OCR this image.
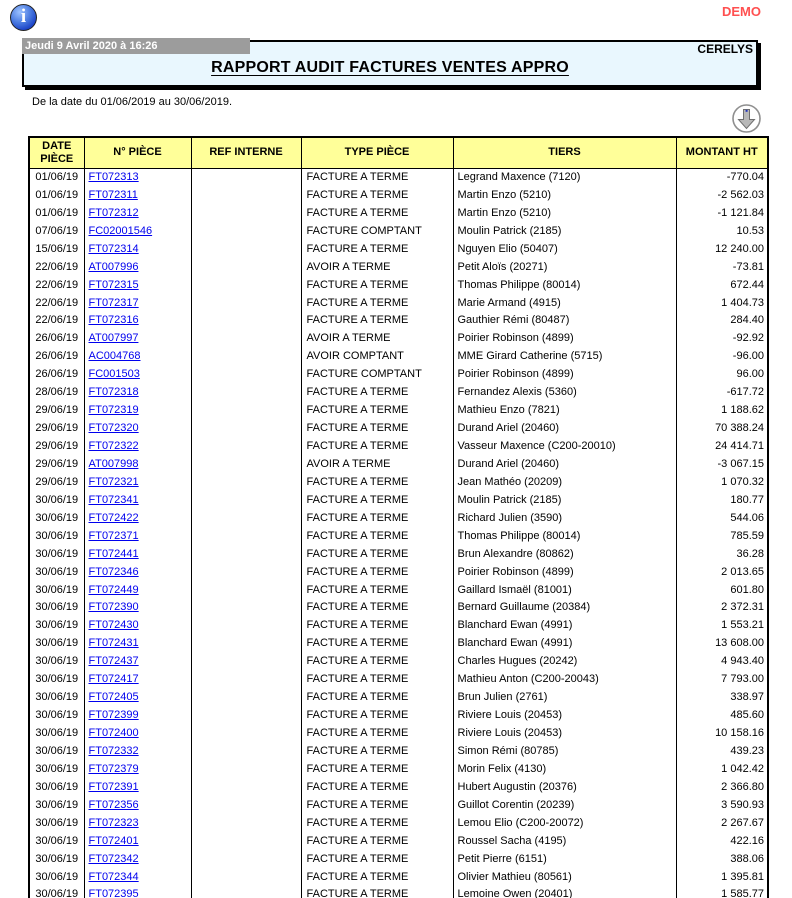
i	DEMO
Jeudi 9 Avril 2020 à 16:26	CERELYS
RAPPORT AUDIT FACTURES VENTES APPRO
De la date du 01/06/2019 au 30/06/2019.
DATE PIÈCE	N° PIÈCE	REF INTERNE	TYPE PIÈCE	TIERS	MONTANT HT
01/06/19	FT072313		FACTURE A TERME	Legrand Maxence (7120)	-770.04
01/06/19	FT072311		FACTURE A TERME	Martin Enzo (5210)	-2 562.03
01/06/19	FT072312		FACTURE A TERME	Martin Enzo (5210)	-1 121.84
07/06/19	FC02001546		FACTURE COMPTANT	Moulin Patrick (2185)	10.53
15/06/19	FT072314		FACTURE A TERME	Nguyen Elio (50407)	12 240.00
22/06/19	AT007996		AVOIR A TERME	Petit Aloïs (20271)	-73.81
22/06/19	FT072315		FACTURE A TERME	Thomas Philippe (80014)	672.44
22/06/19	FT072317		FACTURE A TERME	Marie Armand (4915)	1 404.73
22/06/19	FT072316		FACTURE A TERME	Gauthier Rémi (80487)	284.40
26/06/19	AT007997		AVOIR A TERME	Poirier Robinson (4899)	-92.92
26/06/19	AC004768		AVOIR COMPTANT	MME Girard Catherine (5715)	-96.00
26/06/19	FC001503		FACTURE COMPTANT	Poirier Robinson (4899)	96.00
28/06/19	FT072318		FACTURE A TERME	Fernandez Alexis (5360)	-617.72
29/06/19	FT072319		FACTURE A TERME	Mathieu Enzo (7821)	1 188.62
29/06/19	FT072320		FACTURE A TERME	Durand Ariel (20460)	70 388.24
29/06/19	FT072322		FACTURE A TERME	Vasseur Maxence (C200-20010)	24 414.71
29/06/19	AT007998		AVOIR A TERME	Durand Ariel (20460)	-3 067.15
29/06/19	FT072321		FACTURE A TERME	Jean Mathéo (20209)	1 070.32
30/06/19	FT072341		FACTURE A TERME	Moulin Patrick (2185)	180.77
30/06/19	FT072422		FACTURE A TERME	Richard Julien (3590)	544.06
30/06/19	FT072371		FACTURE A TERME	Thomas Philippe (80014)	785.59
30/06/19	FT072441		FACTURE A TERME	Brun Alexandre (80862)	36.28
30/06/19	FT072346		FACTURE A TERME	Poirier Robinson (4899)	2 013.65
30/06/19	FT072449		FACTURE A TERME	Gaillard Ismaël (81001)	601.80
30/06/19	FT072390		FACTURE A TERME	Bernard Guillaume (20384)	2 372.31
30/06/19	FT072430		FACTURE A TERME	Blanchard Ewan (4991)	1 553.21
30/06/19	FT072431		FACTURE A TERME	Blanchard Ewan (4991)	13 608.00
30/06/19	FT072437		FACTURE A TERME	Charles Hugues (20242)	4 943.40
30/06/19	FT072417		FACTURE A TERME	Mathieu Anton (C200-20043)	7 793.00
30/06/19	FT072405		FACTURE A TERME	Brun Julien (2761)	338.97
30/06/19	FT072399		FACTURE A TERME	Riviere Louis (20453)	485.60
30/06/19	FT072400		FACTURE A TERME	Riviere Louis (20453)	10 158.16
30/06/19	FT072332		FACTURE A TERME	Simon Rémi (80785)	439.23
30/06/19	FT072379		FACTURE A TERME	Morin Felix (4130)	1 042.42
30/06/19	FT072391		FACTURE A TERME	Hubert Augustin (20376)	2 366.80
30/06/19	FT072356		FACTURE A TERME	Guillot Corentin (20239)	3 590.93
30/06/19	FT072323		FACTURE A TERME	Lemou Elio (C200-20072)	2 267.67
30/06/19	FT072401		FACTURE A TERME	Roussel Sacha (4195)	422.16
30/06/19	FT072342		FACTURE A TERME	Petit Pierre (6151)	388.06
30/06/19	FT072344		FACTURE A TERME	Olivier Mathieu (80561)	1 395.81
30/06/19	FT072395		FACTURE A TERME	Lemoine Owen (20401)	1 585.77
